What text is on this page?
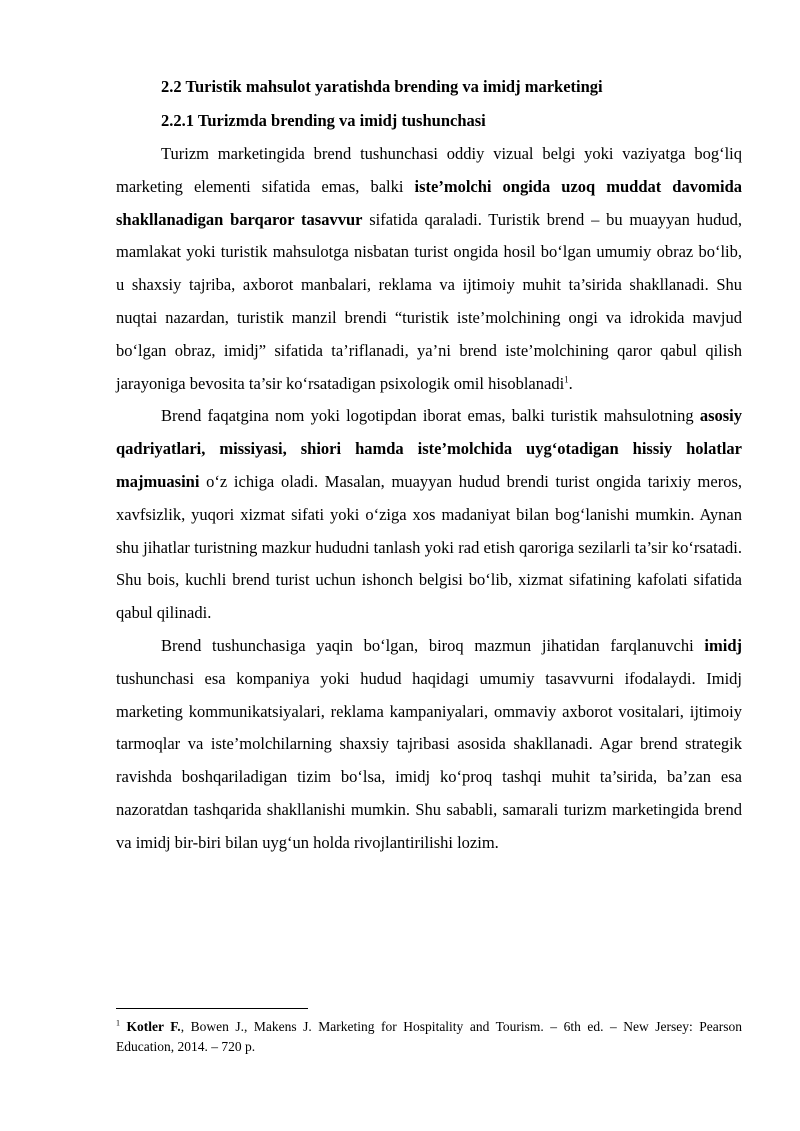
2.2 Turistik mahsulot yaratishda brending va imidj marketingi
2.2.1 Turizmda brending va imidj tushunchasi

Turizm marketingida brend tushunchasi oddiy vizual belgi yoki vaziyatga bog‘liq marketing elementi sifatida emas, balki iste’molchi ongida uzoq muddat davomida shakllanadigan barqaror tasavvur sifatida qaraladi. Turistik brend – bu muayyan hudud, mamlakat yoki turistik mahsulotga nisbatan turist ongida hosil bo‘lgan umumiy obraz bo‘lib, u shaxsiy tajriba, axborot manbalari, reklama va ijtimoiy muhit ta’sirida shakllanadi. Shu nuqtai nazardan, turistik manzil brendi “turistik iste’molchining ongi va idrokida mavjud bo‘lgan obraz, imidj” sifatida ta’riflanadi, ya’ni brend iste’molchining qaror qabul qilish jarayoniga bevosita ta’sir ko‘rsatadigan psixologik omil hisoblanadi$^1$.

Brend faqatgina nom yoki logotipdan iborat emas, balki turistik mahsulotning asosiy qadriyatlari, missiyasi, shiori hamda iste’molchida uyg‘otadigan hissiy holatlar majmuasini o‘z ichiga oladi. Masalan, muayyan hudud brendi turist ongida tarixiy meros, xavfsizlik, yuqori xizmat sifati yoki o‘ziga xos madaniyat bilan bog‘lanishi mumkin. Aynan shu jihatlar turistning mazkur hududni tanlash yoki rad etish qaroriga sezilarli ta’sir ko‘rsatadi. Shu bois, kuchli brend turist uchun ishonch belgisi bo‘lib, xizmat sifatining kafolati sifatida qabul qilinadi.

Brend tushunchasiga yaqin bo‘lgan, biroq mazmun jihatidan farqlanuvchi imidj tushunchasi esa kompaniya yoki hudud haqidagi umumiy tasavvurni ifodalaydi. Imidj marketing kommunikatsiyalari, reklama kampaniyalari, ommaviy axborot vositalari, ijtimoiy tarmoqlar va iste’molchilarning shaxsiy tajribasi asosida shakllanadi. Agar brend strategik ravishda boshqariladigan tizim bo‘lsa, imidj ko‘proq tashqi muhit ta’sirida, ba’zan esa nazoratdan tashqarida shakllanishi mumkin. Shu sababli, samarali turizm marketingida brend va imidj bir-biri bilan uyg‘un holda rivojlantirilishi lozim.

$^1$ Kotler F., Bowen J., Makens J. Marketing for Hospitality and Tourism. – 6th ed. – New Jersey: Pearson Education, 2014. – 720 p.
